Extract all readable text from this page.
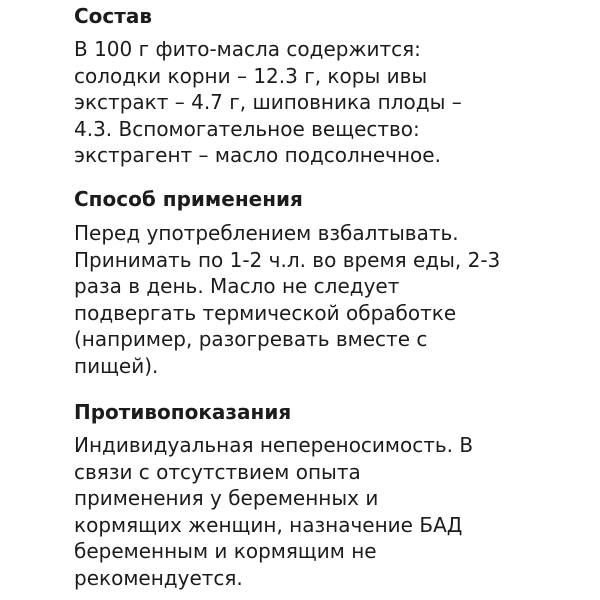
Состав
В 100 г фито-масла содержится:
солодки корни – 12.3 г, коры ивы
экстракт – 4.7 г, шиповника плоды –
4.3. Вспомогательное вещество:
экстрагент – масло подсолнечное.
Способ применения
Перед употреблением взбалтывать.
Принимать по 1-2 ч.л. во время еды, 2-3
раза в день. Масло не следует
подвергать термической обработке
(например, разогревать вместе с
пищей).
Противопоказания
Индивидуальная непереносимость. В
связи с отсутствием опыта
применения у беременных и
кормящих женщин, назначение БАД
беременным и кормящим не
рекомендуется.
